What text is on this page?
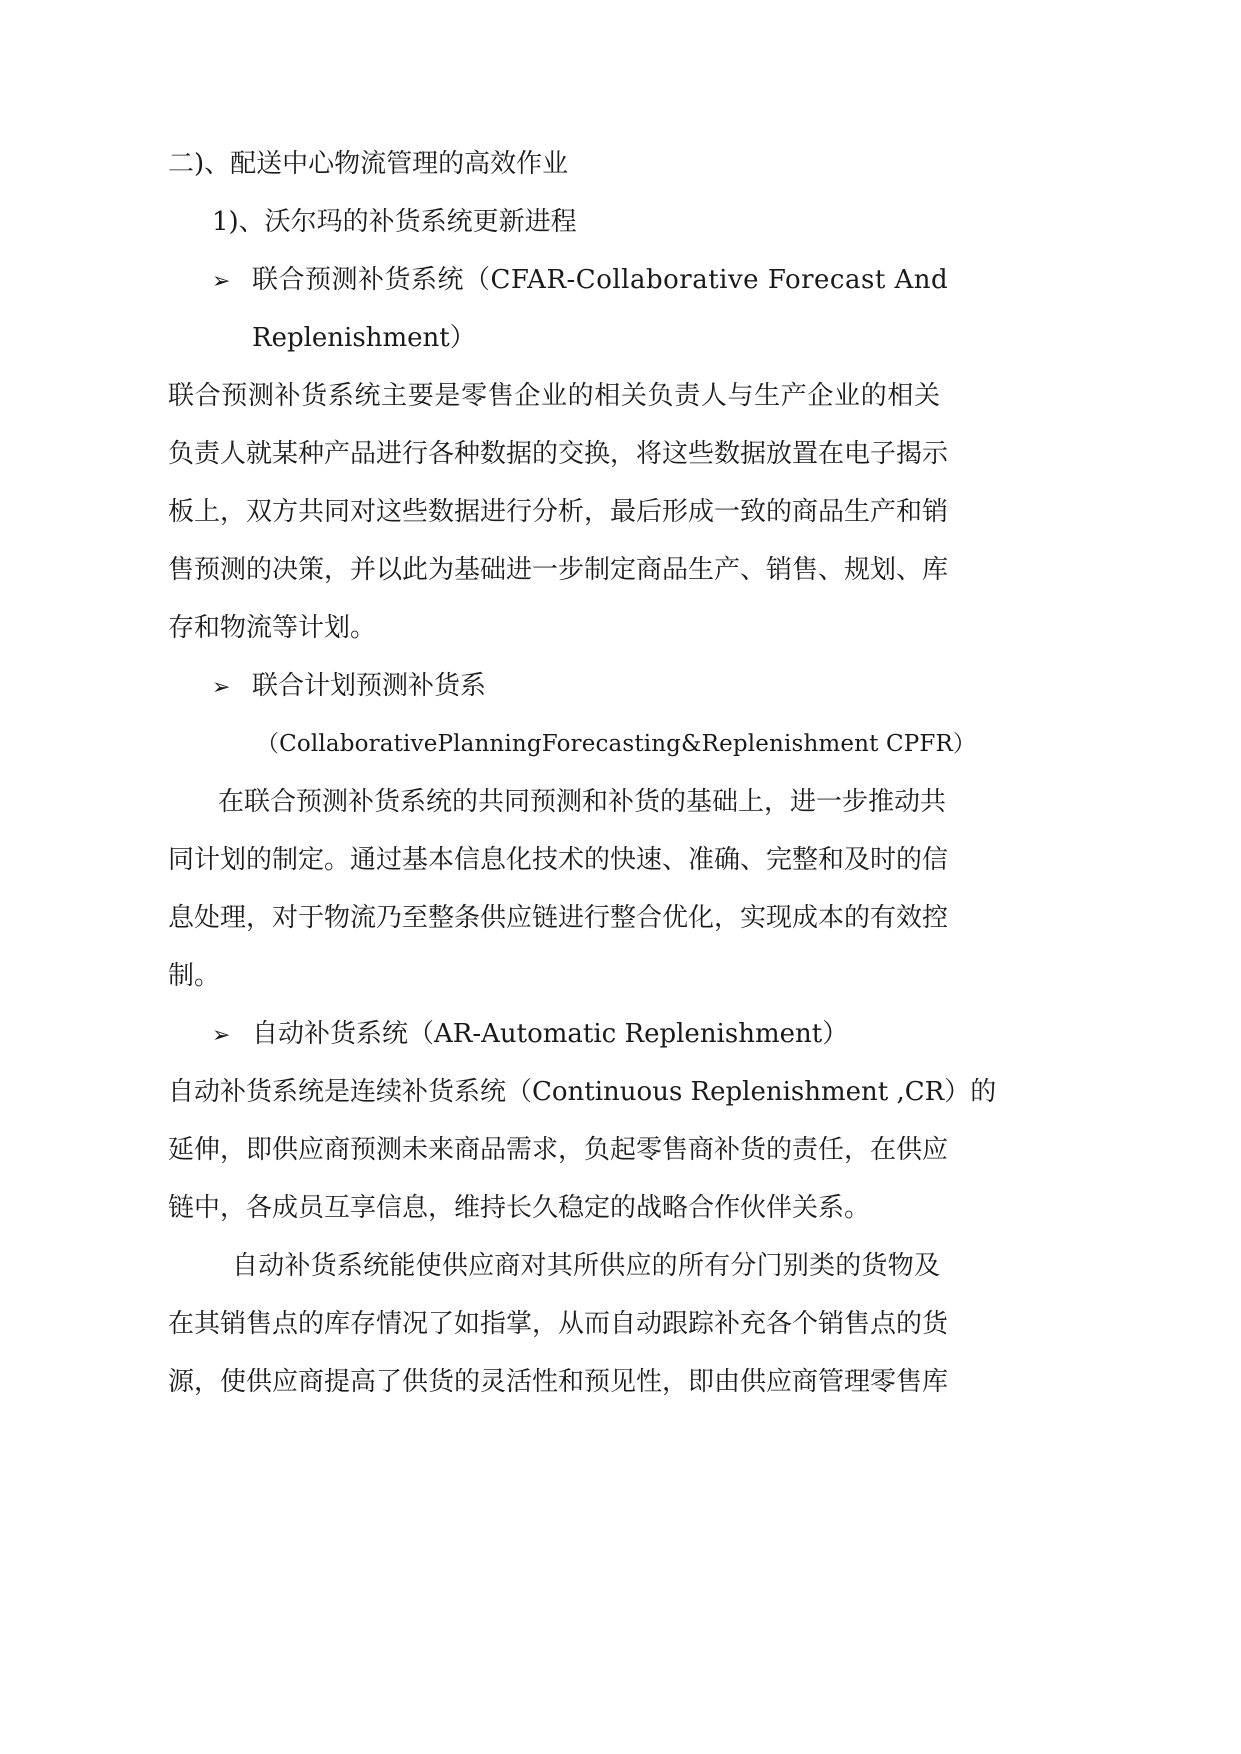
二)、配送中心物流管理的高效作业
1)、沃尔玛的补货系统更新进程
➢ 联合预测补货系统（CFAR-Collaborative Forecast And
Replenishment）
联合预测补货系统主要是零售企业的相关负责人与生产企业的相关
负责人就某种产品进行各种数据的交换，将这些数据放置在电子揭示
板上，双方共同对这些数据进行分析，最后形成一致的商品生产和销
售预测的决策，并以此为基础进一步制定商品生产、销售、规划、库
存和物流等计划。
➢ 联合计划预测补货系
（CollaborativePlanningForecasting&Replenishment CPFR）
在联合预测补货系统的共同预测和补货的基础上，进一步推动共
同计划的制定。通过基本信息化技术的快速、准确、完整和及时的信
息处理，对于物流乃至整条供应链进行整合优化，实现成本的有效控
制。
➢ 自动补货系统（AR-Automatic Replenishment）
自动补货系统是连续补货系统（Continuous Replenishment ,CR）的
延伸，即供应商预测未来商品需求，负起零售商补货的责任，在供应
链中，各成员互享信息，维持长久稳定的战略合作伙伴关系。
自动补货系统能使供应商对其所供应的所有分门别类的货物及
在其销售点的库存情况了如指掌，从而自动跟踪补充各个销售点的货
源，使供应商提高了供货的灵活性和预见性，即由供应商管理零售库
